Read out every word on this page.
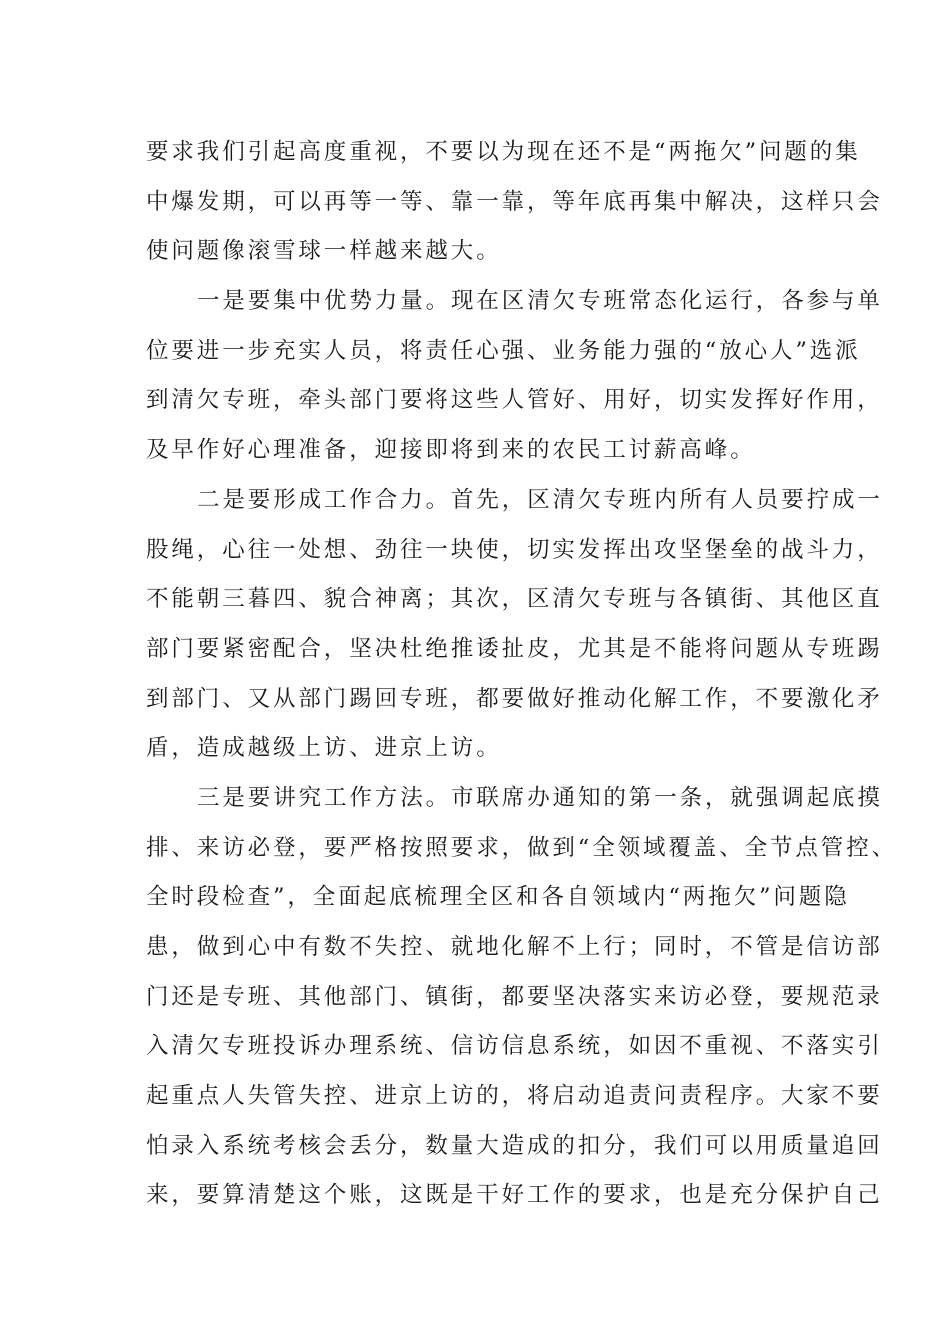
要求我们引起高度重视，不要以为现在还不是“两拖欠”问题的集
中爆发期，可以再等一等、靠一靠，等年底再集中解决，这样只会
使问题像滚雪球一样越来越大。
一是要集中优势力量。现在区清欠专班常态化运行，各参与单
位要进一步充实人员，将责任心强、业务能力强的“放心人”选派
到清欠专班，牵头部门要将这些人管好、用好，切实发挥好作用，
及早作好心理准备，迎接即将到来的农民工讨薪高峰。
二是要形成工作合力。首先，区清欠专班内所有人员要拧成一
股绳，心往一处想、劲往一块使，切实发挥出攻坚堡垒的战斗力，
不能朝三暮四、貌合神离；其次，区清欠专班与各镇街、其他区直
部门要紧密配合，坚决杜绝推诿扯皮，尤其是不能将问题从专班踢
到部门、又从部门踢回专班，都要做好推动化解工作，不要激化矛
盾，造成越级上访、进京上访。
三是要讲究工作方法。市联席办通知的第一条，就强调起底摸
排、来访必登，要严格按照要求，做到“全领域覆盖、全节点管控、
全时段检查”，全面起底梳理全区和各自领域内“两拖欠”问题隐
患，做到心中有数不失控、就地化解不上行；同时，不管是信访部
门还是专班、其他部门、镇街，都要坚决落实来访必登，要规范录
入清欠专班投诉办理系统、信访信息系统，如因不重视、不落实引
起重点人失管失控、进京上访的，将启动追责问责程序。大家不要
怕录入系统考核会丢分，数量大造成的扣分，我们可以用质量追回
来，要算清楚这个账，这既是干好工作的要求，也是充分保护自己
